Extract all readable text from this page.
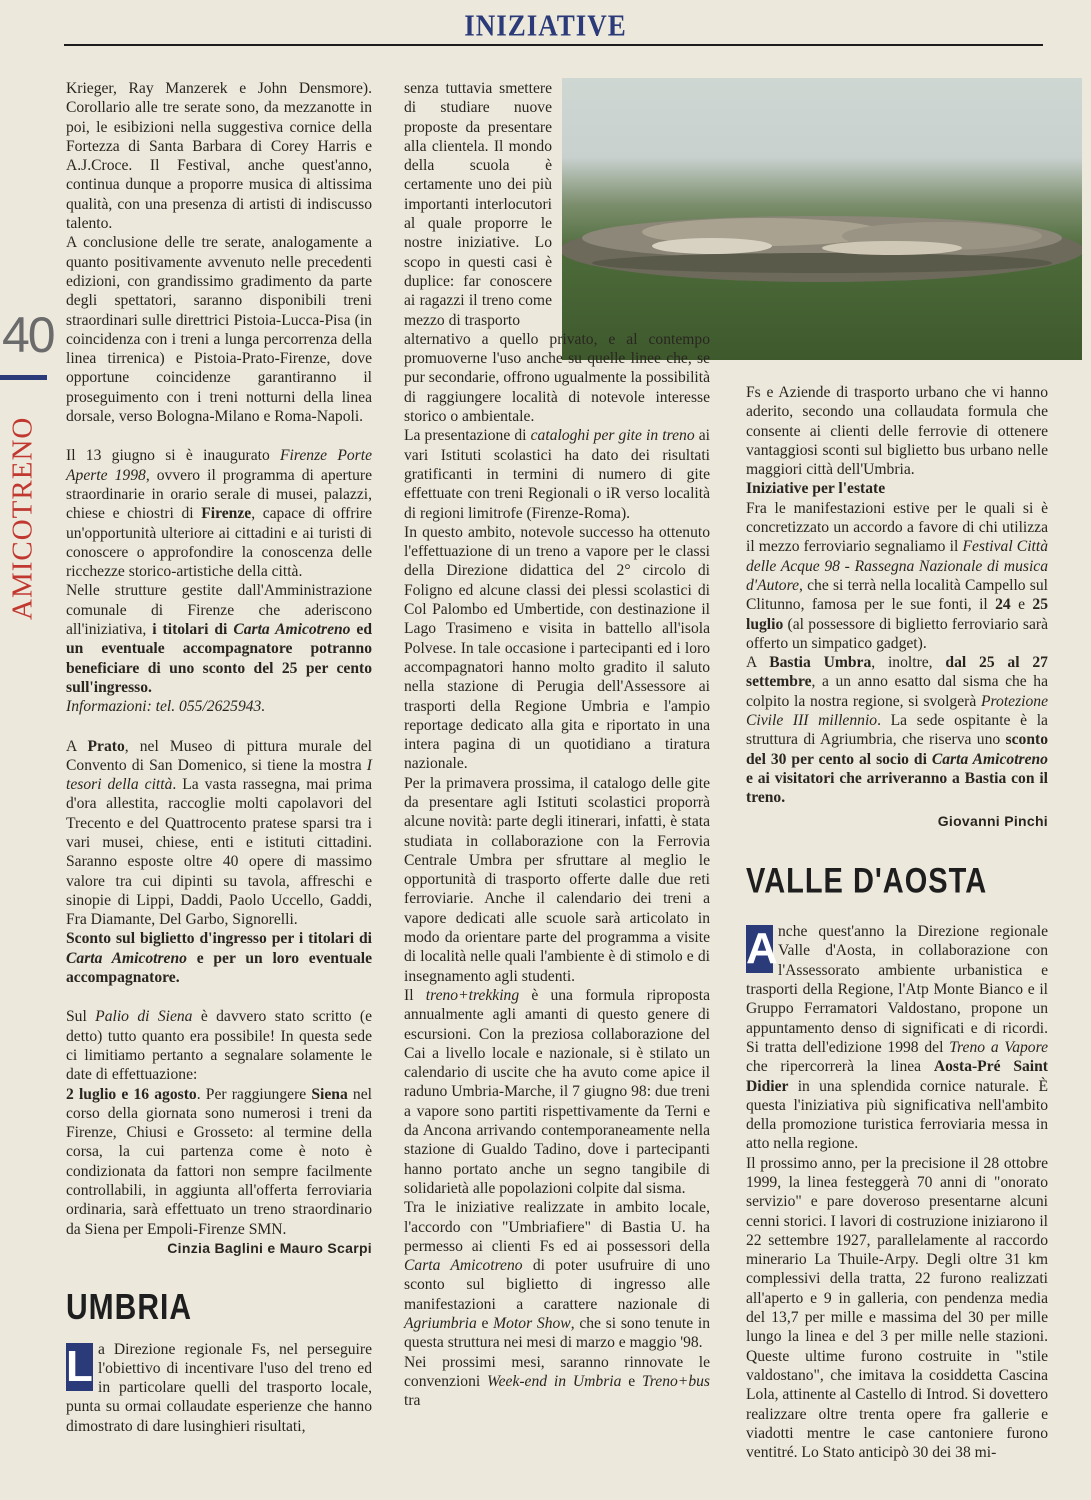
INIZIATIVE
40
AMICOTRENO

Krieger, Ray Manzerek e John Densmore). Corollario alle tre serate sono, da mezzanotte in poi, le esibizioni nella suggestiva cornice della Fortezza di Santa Barbara di Corey Harris e A.J.Croce. Il Festival, anche quest'anno, continua dunque a proporre musica di altissima qualità, con una presenza di artisti di indiscusso talento.

A conclusione delle tre serate, analogamente a quanto positivamente avvenuto nelle precedenti edizioni, con grandissimo gradimento da parte degli spettatori, saranno disponibili treni straordinari sulle direttrici Pistoia-Lucca-Pisa (in coincidenza con i treni a lunga percorrenza della linea tirrenica) e Pistoia-Prato-Firenze, dove opportune coincidenze garantiranno il proseguimento con i treni notturni della linea dorsale, verso Bologna-Milano e Roma-Napoli.

Il 13 giugno si è inaugurato Firenze Porte Aperte 1998, ovvero il programma di aperture straordinarie in orario serale di musei, palazzi, chiese e chiostri di Firenze, capace di offrire un'opportunità ulteriore ai cittadini e ai turisti di conoscere o approfondire la conoscenza delle ricchezze storico-artistiche della città.

Nelle strutture gestite dall'Amministrazione comunale di Firenze che aderiscono all'iniziativa, i titolari di Carta Amicotreno ed un eventuale accompagnatore potranno beneficiare di uno sconto del 25 per cento sull'ingresso.

Informazioni: tel. 055/2625943.

A Prato, nel Museo di pittura murale del Convento di San Domenico, si tiene la mostra I tesori della città. La vasta rassegna, mai prima d'ora allestita, raccoglie molti capolavori del Trecento e del Quattrocento pratese sparsi tra i vari musei, chiese, enti e istituti cittadini. Saranno esposte oltre 40 opere di massimo valore tra cui dipinti su tavola, affreschi e sinopie di Lippi, Daddi, Paolo Uccello, Gaddi, Fra Diamante, Del Garbo, Signorelli.

Sconto sul biglietto d'ingresso per i titolari di Carta Amicotreno e per un loro eventuale accompagnatore.

Sul Palio di Siena è davvero stato scritto (e detto) tutto quanto era possibile! In questa sede ci limitiamo pertanto a segnalare solamente le date di effettuazione:

2 luglio e 16 agosto. Per raggiungere Siena nel corso della giornata sono numerosi i treni da Firenze, Chiusi e Grosseto: al termine della corsa, la cui partenza come è noto è condizionata da fattori non sempre facilmente controllabili, in aggiunta all'offerta ferroviaria ordinaria, sarà effettuato un treno straordinario da Siena per Empoli-Firenze SMN.

Cinzia Baglini e Mauro Scarpi

UMBRIA

L a Direzione regionale Fs, nel perseguire l'obiettivo di incentivare l'uso del treno ed in particolare quelli del trasporto locale, punta su ormai collaudate esperienze che hanno dimostrato di dare lusinghieri risultati,

senza tuttavia smettere di studiare nuove proposte da presentare alla clientela. Il mondo della scuola è certamente uno dei più importanti interlocutori al quale proporre le nostre iniziative. Lo scopo in questi casi è duplice: far conoscere ai ragazzi il treno come mezzo di trasporto

alternativo a quello privato, e al contempo promuoverne l'uso anche su quelle linee che, se pur secondarie, offrono ugualmente la possibilità di raggiungere località di notevole interesse storico o ambientale.

La presentazione di cataloghi per gite in treno ai vari Istituti scolastici ha dato dei risultati gratificanti in termini di numero di gite effettuate con treni Regionali o iR verso località di regioni limitrofe (Firenze-Roma).

In questo ambito, notevole successo ha ottenuto l'effettuazione di un treno a vapore per le classi della Direzione didattica del 2° circolo di Foligno ed alcune classi dei plessi scolastici di Col Palombo ed Umbertide, con destinazione il Lago Trasimeno e visita in battello all'isola Polvese. In tale occasione i partecipanti ed i loro accompagnatori hanno molto gradito il saluto nella stazione di Perugia dell'Assessore ai trasporti della Regione Umbria e l'ampio reportage dedicato alla gita e riportato in una intera pagina di un quotidiano a tiratura nazionale.

Per la primavera prossima, il catalogo delle gite da presentare agli Istituti scolastici proporrà alcune novità: parte degli itinerari, infatti, è stata studiata in collaborazione con la Ferrovia Centrale Umbra per sfruttare al meglio le opportunità di trasporto offerte dalle due reti ferroviarie. Anche il calendario dei treni a vapore dedicati alle scuole sarà articolato in modo da orientare parte del programma a visite di località nelle quali l'ambiente è di stimolo e di insegnamento agli studenti.

Il treno+trekking è una formula riproposta annualmente agli amanti di questo genere di escursioni. Con la preziosa collaborazione del Cai a livello locale e nazionale, si è stilato un calendario di uscite che ha avuto come apice il raduno Umbria-Marche, il 7 giugno 98: due treni a vapore sono partiti rispettivamente da Terni e da Ancona arrivando contemporaneamente nella stazione di Gualdo Tadino, dove i partecipanti hanno portato anche un segno tangibile di solidarietà alle popolazioni colpite dal sisma.

Tra le iniziative realizzate in ambito locale, l'accordo con "Umbriafiere" di Bastia U. ha permesso ai clienti Fs ed ai possessori della Carta Amicotreno di poter usufruire di uno sconto sul biglietto di ingresso alle manifestazioni a carattere nazionale di Agriumbria e Motor Show, che si sono tenute in questa struttura nei mesi di marzo e maggio '98.

Nei prossimi mesi, saranno rinnovate le convenzioni Week-end in Umbria e Treno+bus tra

Fs e Aziende di trasporto urbano che vi hanno aderito, secondo una collaudata formula che consente ai clienti delle ferrovie di ottenere vantaggiosi sconti sul biglietto bus urbano nelle maggiori città dell'Umbria.

Iniziative per l'estate

Fra le manifestazioni estive per le quali si è concretizzato un accordo a favore di chi utilizza il mezzo ferroviario segnaliamo il Festival Città delle Acque 98 - Rassegna Nazionale di musica d'Autore, che si terrà nella località Campello sul Clitunno, famosa per le sue fonti, il 24 e 25 luglio (al possessore di biglietto ferroviario sarà offerto un simpatico gadget).

A Bastia Umbra, inoltre, dal 25 al 27 settembre, a un anno esatto dal sisma che ha colpito la nostra regione, si svolgerà Protezione Civile III millennio. La sede ospitante è la struttura di Agriumbria, che riserva uno sconto del 30 per cento al socio di Carta Amicotreno e ai visitatori che arriveranno a Bastia con il treno.

Giovanni Pinchi

VALLE D'AOSTA

A nche quest'anno la Direzione regionale Valle d'Aosta, in collaborazione con l'Assessorato ambiente urbanistica e trasporti della Regione, l'Atp Monte Bianco e il Gruppo Ferramatori Valdostano, propone un appuntamento denso di significati e di ricordi. Si tratta dell'edizione 1998 del Treno a Vapore che ripercorrerà la linea Aosta-Pré Saint Didier in una splendida cornice naturale. È questa l'iniziativa più significativa nell'ambito della promozione turistica ferroviaria messa in atto nella regione.

Il prossimo anno, per la precisione il 28 ottobre 1999, la linea festeggerà 70 anni di "onorato servizio" e pare doveroso presentarne alcuni cenni storici. I lavori di costruzione iniziarono il 22 settembre 1927, parallelamente al raccordo minerario La Thuile-Arpy. Degli oltre 31 km complessivi della tratta, 22 furono realizzati all'aperto e 9 in galleria, con pendenza media del 13,7 per mille e massima del 30 per mille lungo la linea e del 3 per mille nelle stazioni. Queste ultime furono costruite in "stile valdostano", che imitava la cosiddetta Cascina Lola, attinente al Castello di Introd. Si dovettero realizzare oltre trenta opere fra gallerie e viadotti mentre le case cantoniere furono ventitré. Lo Stato anticipò 30 dei 38 mi-
